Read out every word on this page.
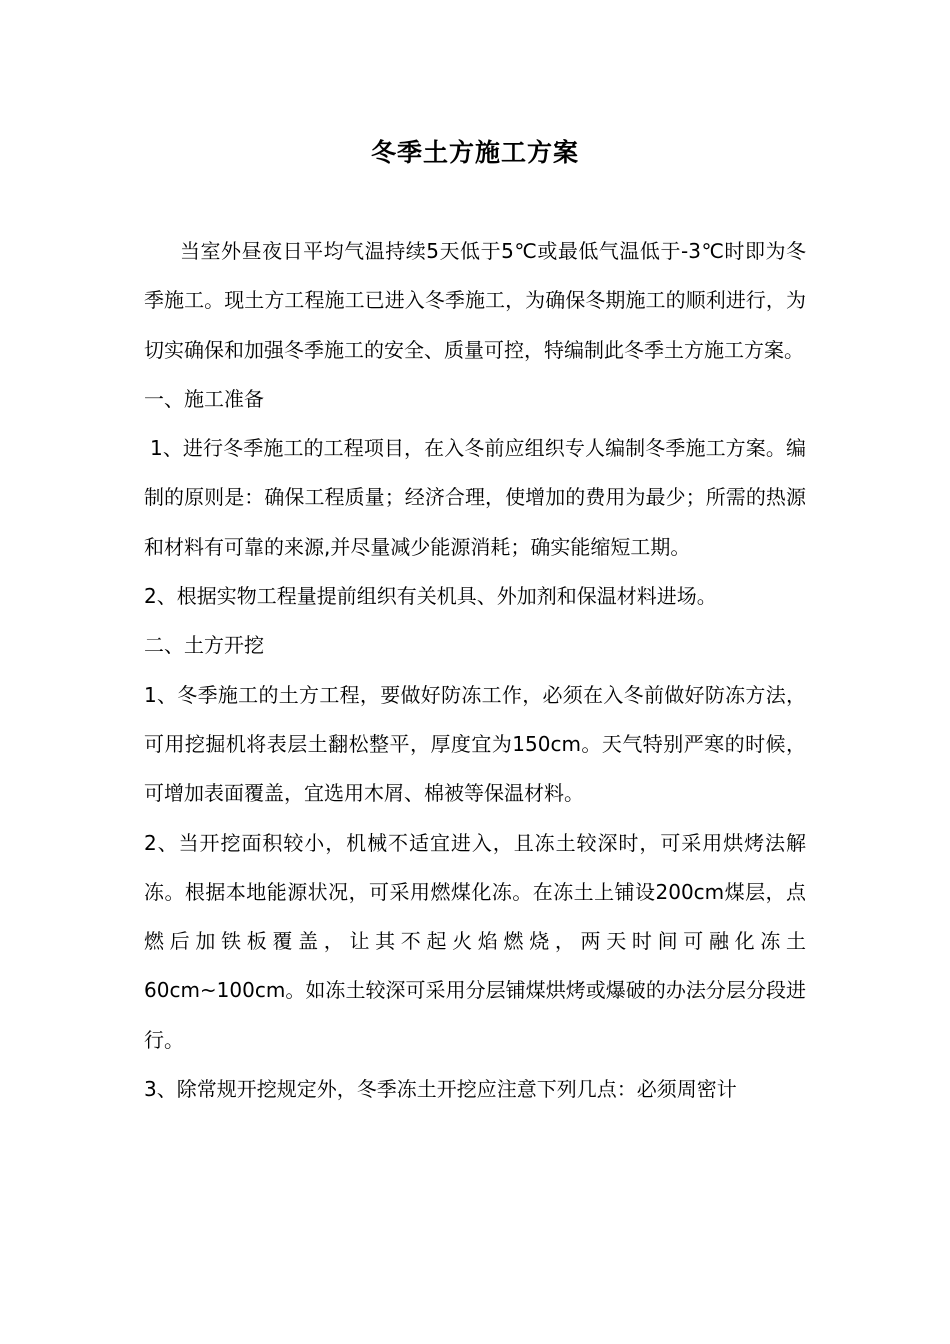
冬季土方施工方案

当室外昼夜日平均气温持续5天低于5℃或最低气温低于-3℃时即为冬季施工。现土方工程施工已进入冬季施工，为确保冬期施工的顺利进行，为切实确保和加强冬季施工的安全、质量可控，特编制此冬季土方施工方案。

一、施工准备

1、进行冬季施工的工程项目，在入冬前应组织专人编制冬季施工方案。编制的原则是：确保工程质量；经济合理，使增加的费用为最少；所需的热源和材料有可靠的来源,并尽量减少能源消耗；确实能缩短工期。

2、根据实物工程量提前组织有关机具、外加剂和保温材料进场。

二、土方开挖

1、冬季施工的土方工程，要做好防冻工作，必须在入冬前做好防冻方法，可用挖掘机将表层土翻松整平，厚度宜为150cm。天气特别严寒的时候，可增加表面覆盖，宜选用木屑、棉被等保温材料。

2、当开挖面积较小，机械不适宜进入，且冻土较深时，可采用烘烤法解冻。根据本地能源状况，可采用燃煤化冻。在冻土上铺设200cm煤层，点燃后加铁板覆盖，让其不起火焰燃烧，两天时间可融化冻土60cm~100cm。如冻土较深可采用分层铺煤烘烤或爆破的办法分层分段进行。

3、除常规开挖规定外，冬季冻土开挖应注意下列几点：必须周密计
